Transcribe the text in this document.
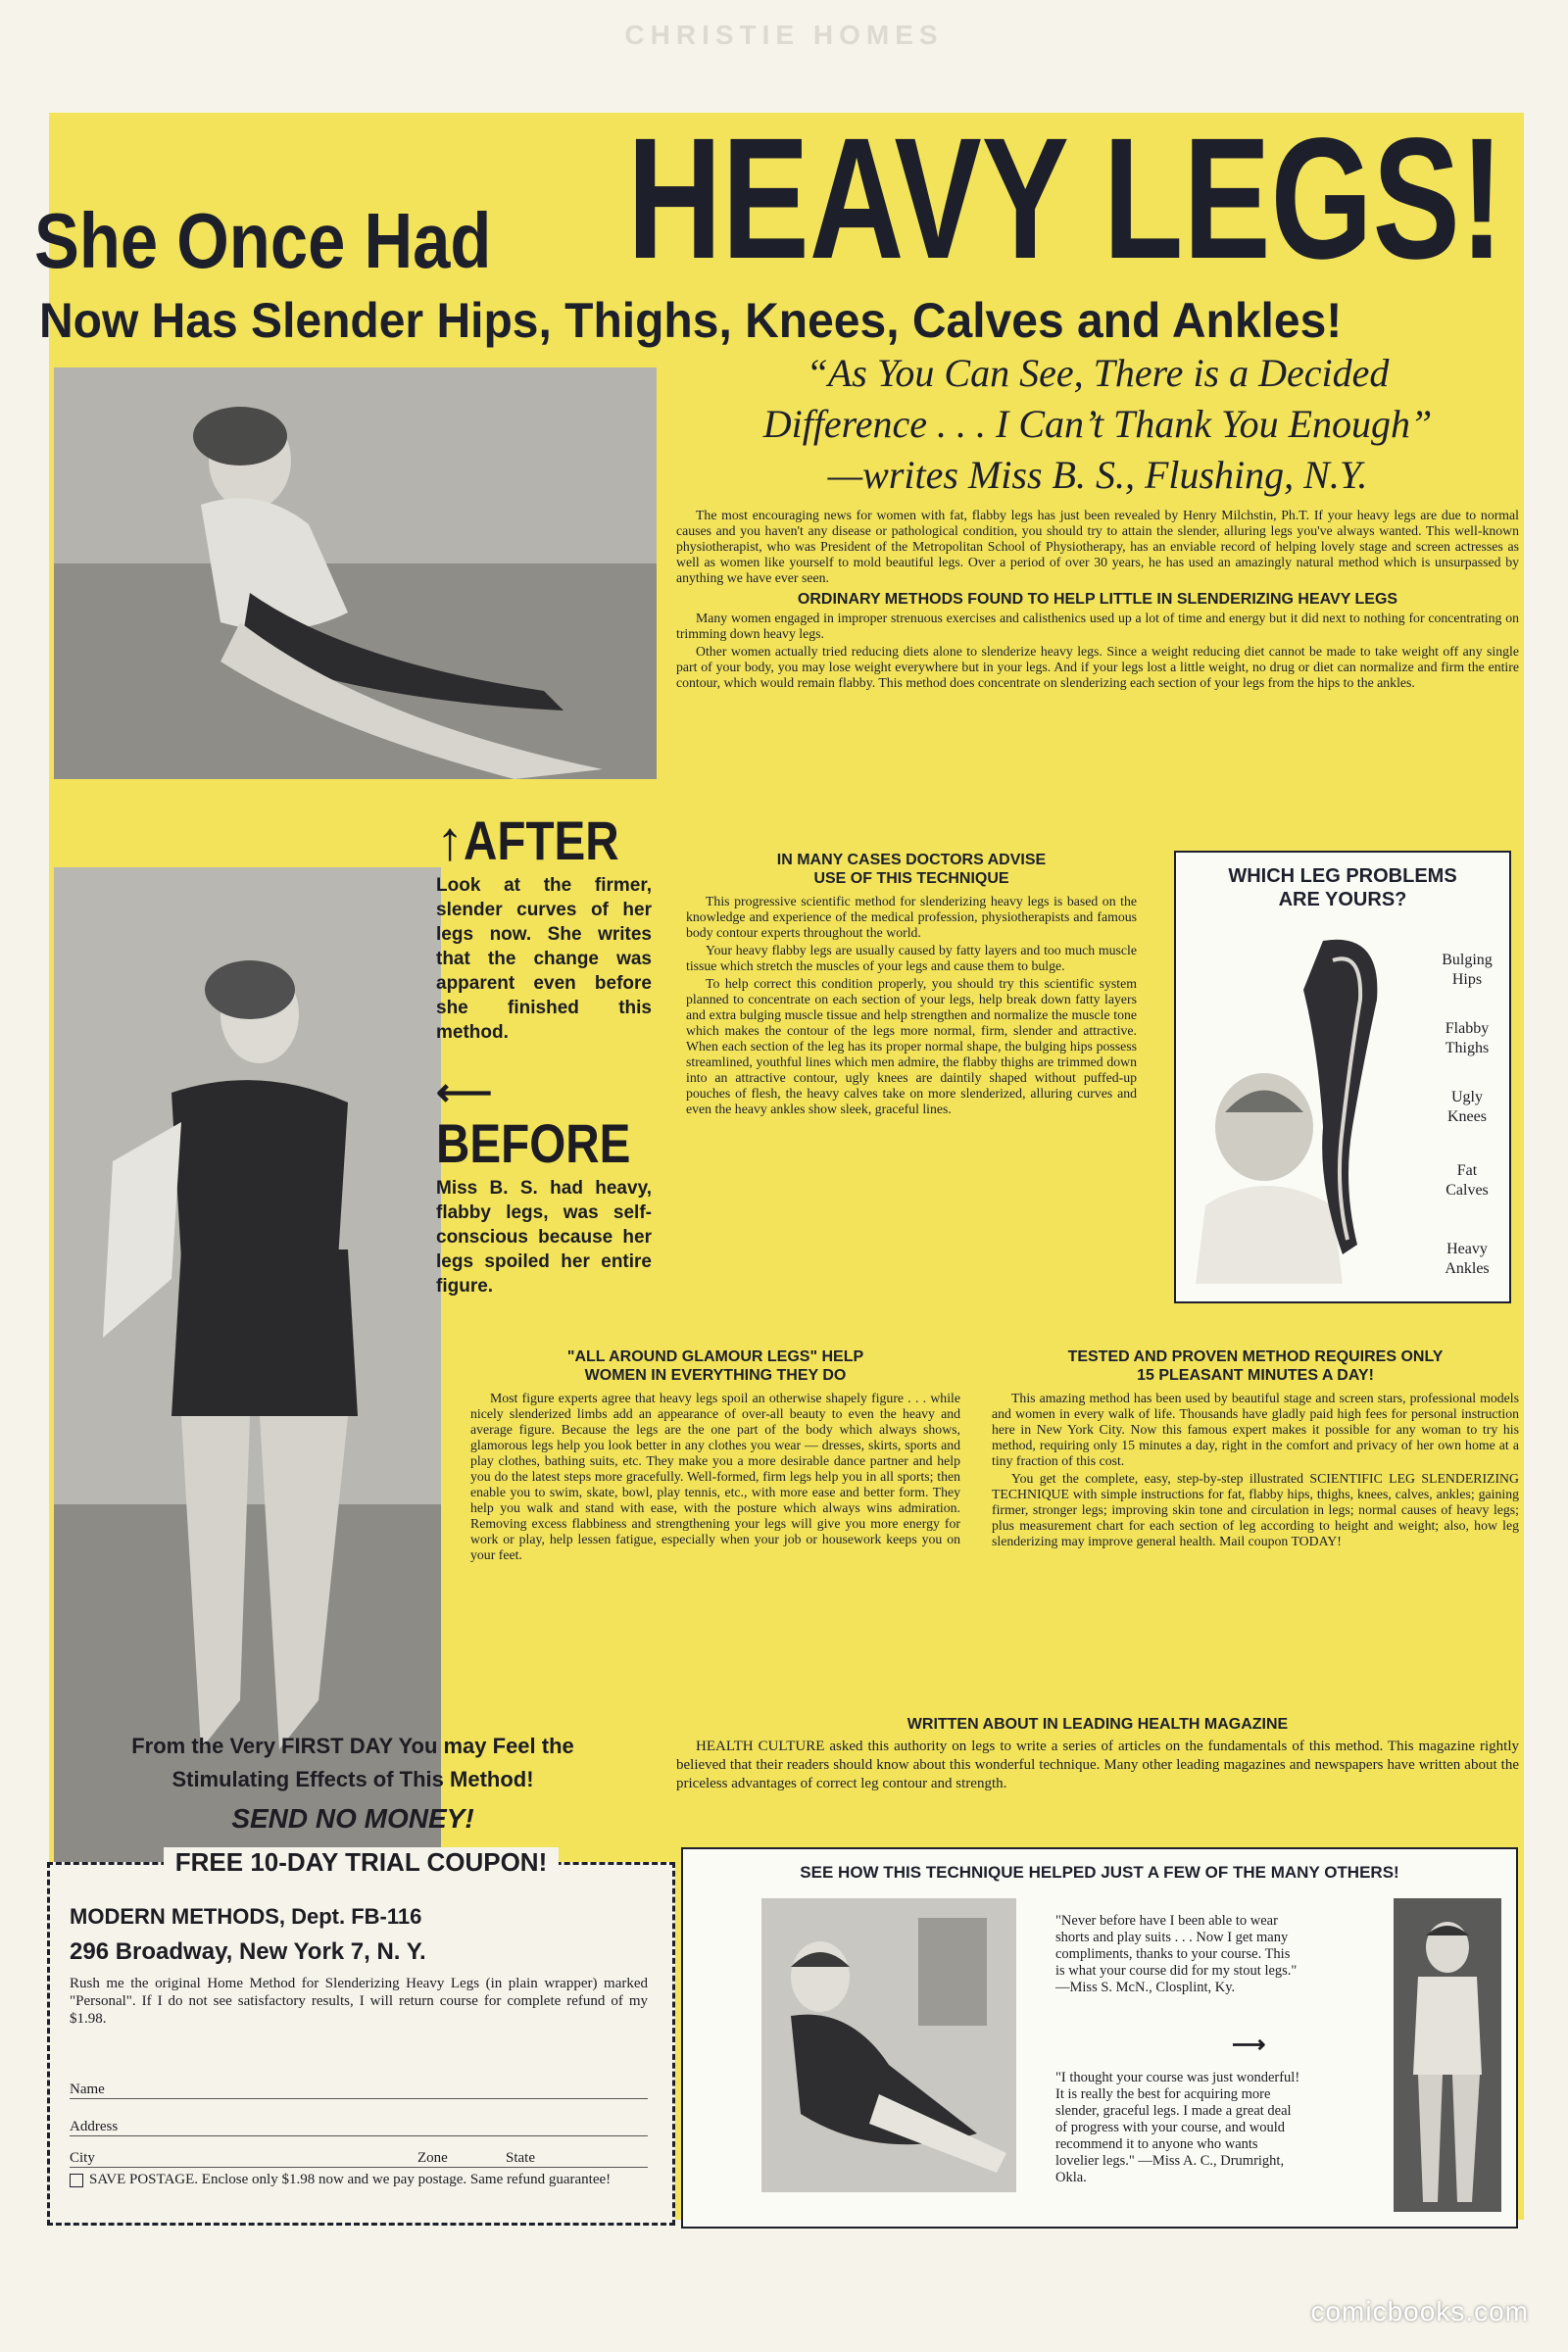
CHRISTIE HOMES
She Once Had HEAVY LEGS!
Now Has Slender Hips, Thighs, Knees, Calves and Ankles!
“As You Can See, There is a Decided
Difference . . . I Can’t Thank You Enough”
—writes Miss B. S., Flushing, N.Y.
↑ AFTER
Look at the firmer, slender curves of her legs now. She writes that the change was apparent even before she finished this method.
⟵
BEFORE
Miss B. S. had heavy, flabby legs, was self-conscious because her legs spoiled her entire figure.

The most encouraging news for women with fat, flabby legs has just been revealed by Henry Milchstin, Ph.T. If your heavy legs are due to normal causes and you haven't any disease or pathological condition, you should try to attain the slender, alluring legs you've always wanted. This well-known physiotherapist, who was President of the Metropolitan School of Physiotherapy, has an enviable record of helping lovely stage and screen actresses as well as women like yourself to mold beautiful legs. Over a period of over 30 years, he has used an amazingly natural method which is unsurpassed by anything we have ever seen.

ORDINARY METHODS FOUND TO HELP LITTLE IN SLENDERIZING HEAVY LEGS

Many women engaged in improper strenuous exercises and calisthenics used up a lot of time and energy but it did next to nothing for concentrating on trimming down heavy legs.

Other women actually tried reducing diets alone to slenderize heavy legs. Since a weight reducing diet cannot be made to take weight off any single part of your body, you may lose weight everywhere but in your legs. And if your legs lost a little weight, no drug or diet can normalize and firm the entire contour, which would remain flabby. This method does concentrate on slenderizing each section of your legs from the hips to the ankles.

IN MANY CASES DOCTORS ADVISE
USE OF THIS TECHNIQUE

This progressive scientific method for slenderizing heavy legs is based on the knowledge and experience of the medical profession, physiotherapists and famous body contour experts throughout the world.

Your heavy flabby legs are usually caused by fatty layers and too much muscle tissue which stretch the muscles of your legs and cause them to bulge.

To help correct this condition properly, you should try this scientific system planned to concentrate on each section of your legs, help break down fatty layers and extra bulging muscle tissue and help strengthen and normalize the muscle tone which makes the contour of the legs more normal, firm, slender and attractive. When each section of the leg has its proper normal shape, the bulging hips possess streamlined, youthful lines which men admire, the flabby thighs are trimmed down into an attractive contour, ugly knees are daintily shaped without puffed-up pouches of flesh, the heavy calves take on more slenderized, alluring curves and even the heavy ankles show sleek, graceful lines.

WHICH LEG PROBLEMS
ARE YOURS?
Bulging
Hips
Flabby
Thighs
Ugly
Knees
Fat
Calves
Heavy
Ankles
"ALL AROUND GLAMOUR LEGS" HELP
WOMEN IN EVERYTHING THEY DO

Most figure experts agree that heavy legs spoil an otherwise shapely figure . . . while nicely slenderized limbs add an appearance of over-all beauty to even the heavy and average figure. Because the legs are the one part of the body which always shows, glamorous legs help you look better in any clothes you wear — dresses, skirts, sports and play clothes, bathing suits, etc. They make you a more desirable dance partner and help you do the latest steps more gracefully. Well-formed, firm legs help you in all sports; then enable you to swim, skate, bowl, play tennis, etc., with more ease and better form. They help you walk and stand with ease, with the posture which always wins admiration. Removing excess flabbiness and strengthening your legs will give you more energy for work or play, help lessen fatigue, especially when your job or housework keeps you on your feet.

TESTED AND PROVEN METHOD REQUIRES ONLY
15 PLEASANT MINUTES A DAY!

This amazing method has been used by beautiful stage and screen stars, professional models and women in every walk of life. Thousands have gladly paid high fees for personal instruction here in New York City. Now this famous expert makes it possible for any woman to try his method, requiring only 15 minutes a day, right in the comfort and privacy of her own home at a tiny fraction of this cost.

You get the complete, easy, step-by-step illustrated SCIENTIFIC LEG SLENDERIZING TECHNIQUE with simple instructions for fat, flabby hips, thighs, knees, calves, ankles; gaining firmer, stronger legs; improving skin tone and circulation in legs; normal causes of heavy legs; plus measurement chart for each section of leg according to height and weight; also, how leg slenderizing may improve general health. Mail coupon TODAY!

From the Very FIRST DAY You may Feel the
Stimulating Effects of This Method!
SEND NO MONEY!
WRITTEN ABOUT IN LEADING HEALTH MAGAZINE

HEALTH CULTURE asked this authority on legs to write a series of articles on the fundamentals of this method. This magazine rightly believed that their readers should know about this wonderful technique. Many other leading magazines and newspapers have written about the priceless advantages of correct leg contour and strength.

FREE 10-DAY TRIAL COUPON!
MODERN METHODS, Dept. FB-116
296 Broadway, New York 7, N. Y.
Rush me the original Home Method for Slenderizing Heavy Legs (in plain wrapper) marked "Personal". If I do not see satisfactory results, I will return course for complete refund of my $1.98.
Name
Address
City	Zone	State
SAVE POSTAGE. Enclose only $1.98 now and we pay postage. Same refund guarantee!
SEE HOW THIS TECHNIQUE HELPED JUST A FEW OF THE MANY OTHERS!
"Never before have I been able to wear shorts and play suits . . . Now I get many compliments, thanks to your course. This is what your course did for my stout legs." —Miss S. McN., Closplint, Ky.
⟶
"I thought your course was just wonderful! It is really the best for acquiring more slender, graceful legs. I made a great deal of progress with your course, and would recommend it to anyone who wants lovelier legs." —Miss A. C., Drumright, Okla.
comicbooks.com
